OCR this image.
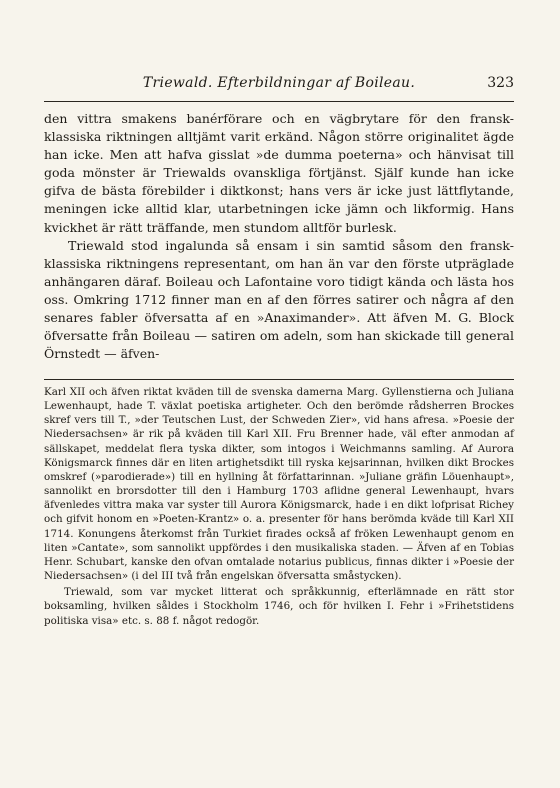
Triewald. Efterbildningar af Boileau.	323

den vittra smakens banérförare och en vägbrytare för den fransk-klassiska riktningen alltjämt varit erkänd. Någon större originalitet ägde han icke. Men att hafva gisslat »de dumma poeterna» och hänvisat till goda mönster är Triewalds ovanskliga förtjänst. Själf kunde han icke gifva de bästa förebilder i diktkonst; hans vers är icke just lättflytande, meningen icke alltid klar, utarbetningen icke jämn och likformig. Hans kvickhet är rätt träffande, men stundom alltför burlesk.

Triewald stod ingalunda så ensam i sin samtid såsom den fransk-klassiska riktningens representant, om han än var den förste utpräglade anhängaren däraf. Boileau och Lafontaine voro tidigt kända och lästa hos oss. Omkring 1712 finner man en af den förres satirer och några af den senares fabler öfversatta af en »Anaximander». Att äfven M. G. Block öfversatte från Boileau — satiren om adeln, som han skickade till general Örnstedt — äfven-

Karl XII och äfven riktat kväden till de svenska damerna Marg. Gyllenstierna och Juliana Lewenhaupt, hade T. växlat poetiska artigheter. Och den berömde rådsherren Brockes skref vers till T., »der Teutschen Lust, der Schweden Zier», vid hans afresa. »Poesie der Niedersachsen» är rik på kväden till Karl XII. Fru Brenner hade, väl efter anmodan af sällskapet, meddelat flera tyska dikter, som intogos i Weichmanns samling. Af Aurora Königsmarck finnes där en liten artighetsdikt till ryska kejsarinnan, hvilken dikt Brockes omskref (»parodierade») till en hyllning åt författarinnan. »Juliane gräfin Löuenhaupt», sannolikt en brorsdotter till den i Hamburg 1703 aflidne general Lewenhaupt, hvars äfvenledes vittra maka var syster till Aurora Königsmarck, hade i en dikt lofprisat Richey och gifvit honom en »Poeten-Krantz» o. a. presenter för hans berömda kväde till Karl XII 1714. Konungens återkomst från Turkiet firades också af fröken Lewenhaupt genom en liten »Cantate», som sannolikt uppfördes i den musikaliska staden. — Äfven af en Tobias Henr. Schubart, kanske den ofvan omtalade notarius publicus, finnas dikter i »Poesie der Niedersachsen» (i del III två från engelskan öfversatta småstycken).

Triewald, som var mycket litterat och språkkunnig, efterlämnade en rätt stor boksamling, hvilken såldes i Stockholm 1746, och för hvilken I. Fehr i »Frihetstidens politiska visa» etc. s. 88 f. något redogör.
